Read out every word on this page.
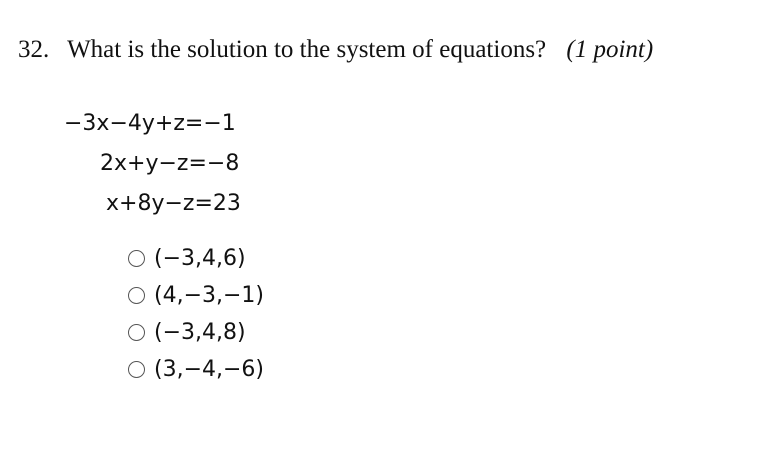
32. What is the solution to the system of equations? (1 point)
−3x−4y+z=−1
2x+y−z=−8
x+8y−z=23
(−3,4,6)
(4,−3,−1)
(−3,4,8)
(3,−4,−6)
